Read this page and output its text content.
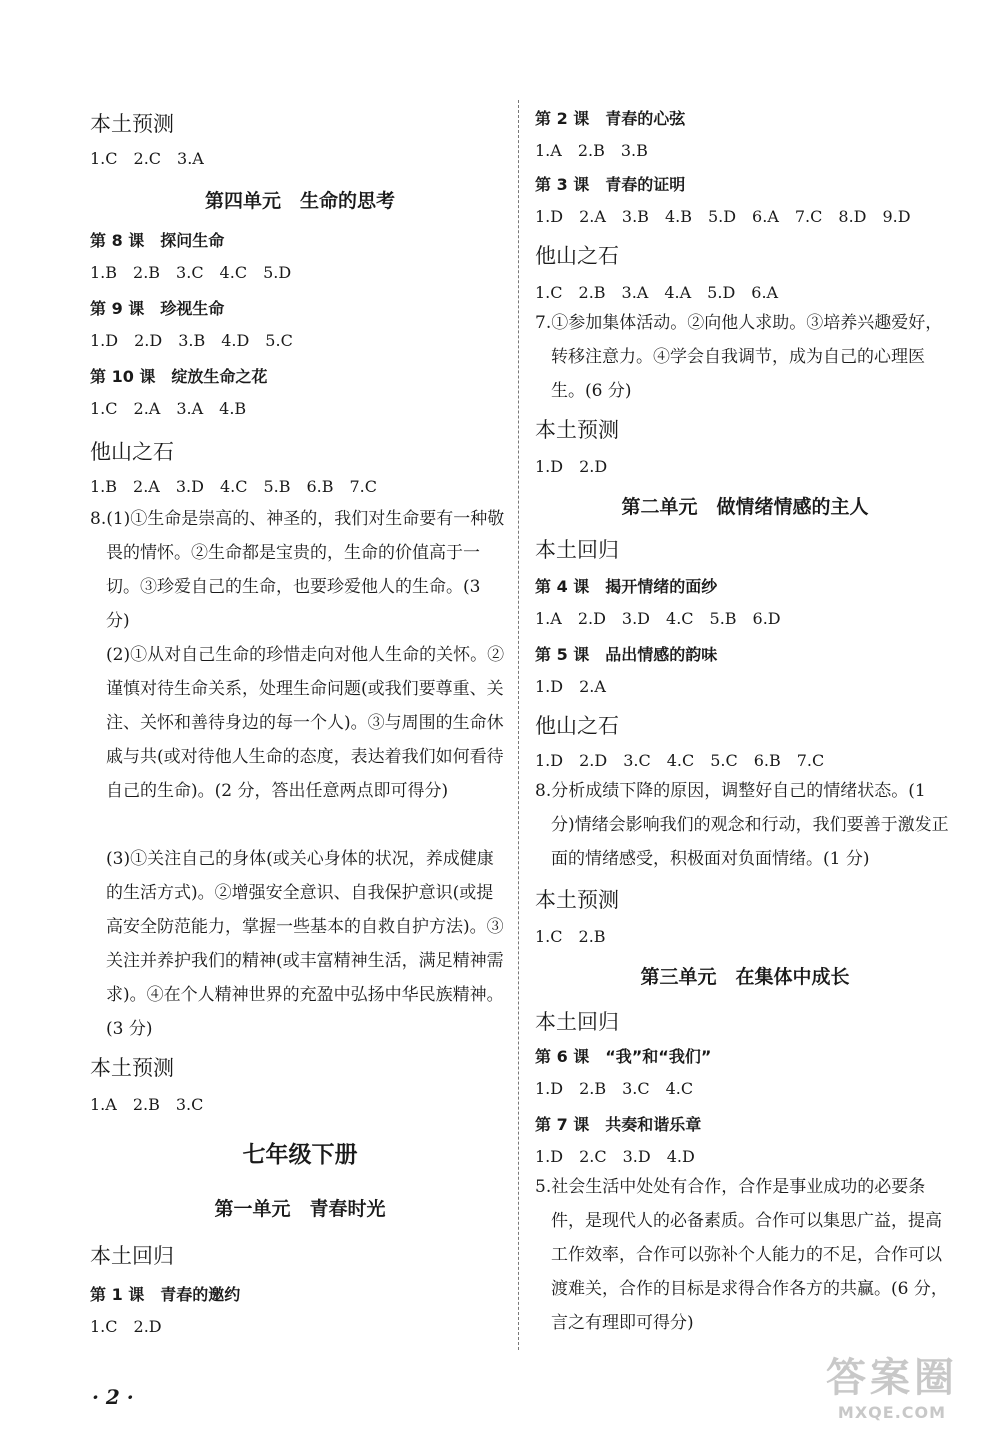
本土预测
1.C　2.C　3.A
第四单元　生命的思考
第 8 课　探问生命
1.B　2.B　3.C　4.C　5.D
第 9 课　珍视生命
1.D　2.D　3.B　4.D　5.C
第 10 课　绽放生命之花
1.C　2.A　3.A　4.B
他山之石
1.B　2.A　3.D　4.C　5.B　6.B　7.C

8.(1)①生命是崇高的、神圣的，我们对生命要有一种敬畏的情怀。②生命都是宝贵的，生命的价值高于一切。③珍爱自己的生命，也要珍爱他人的生命。(3 分)

(2)①从对自己生命的珍惜走向对他人生命的关怀。②谨慎对待生命关系，处理生命问题(或我们要尊重、关注、关怀和善待身边的每一个人)。③与周围的生命休戚与共(或对待他人生命的态度，表达着我们如何看待自己的生命)。(2 分，答出任意两点即可得分)

(3)①关注自己的身体(或关心身体的状况，养成健康的生活方式)。②增强安全意识、自我保护意识(或提高安全防范能力，掌握一些基本的自救自护方法)。③关注并养护我们的精神(或丰富精神生活，满足精神需求)。④在个人精神世界的充盈中弘扬中华民族精神。(3 分)

本土预测
1.A　2.B　3.C
七年级下册
第一单元　青春时光
本土回归
第 1 课　青春的邀约
1.C　2.D
第 2 课　青春的心弦
1.A　2.B　3.B
第 3 课　青春的证明
1.D　2.A　3.B　4.B　5.D　6.A　7.C　8.D　9.D
他山之石
1.C　2.B　3.A　4.A　5.D　6.A

7.①参加集体活动。②向他人求助。③培养兴趣爱好，转移注意力。④学会自我调节，成为自己的心理医生。(6 分)

本土预测
1.D　2.D
第二单元　做情绪情感的主人
本土回归
第 4 课　揭开情绪的面纱
1.A　2.D　3.D　4.C　5.B　6.D
第 5 课　品出情感的韵味
1.D　2.A
他山之石
1.D　2.D　3.C　4.C　5.C　6.B　7.C

8.分析成绩下降的原因，调整好自己的情绪状态。(1 分)情绪会影响我们的观念和行动，我们要善于激发正面的情绪感受，积极面对负面情绪。(1 分)

本土预测
1.C　2.B
第三单元　在集体中成长
本土回归
第 6 课　“我”和“我们”
1.D　2.B　3.C　4.C
第 7 课　共奏和谐乐章
1.D　2.C　3.D　4.D

5.社会生活中处处有合作，合作是事业成功的必要条件，是现代人的必备素质。合作可以集思广益，提高工作效率，合作可以弥补个人能力的不足，合作可以渡难关，合作的目标是求得合作各方的共赢。(6 分，言之有理即可得分)

· 2 ·	答案圈
MXQE.COM
